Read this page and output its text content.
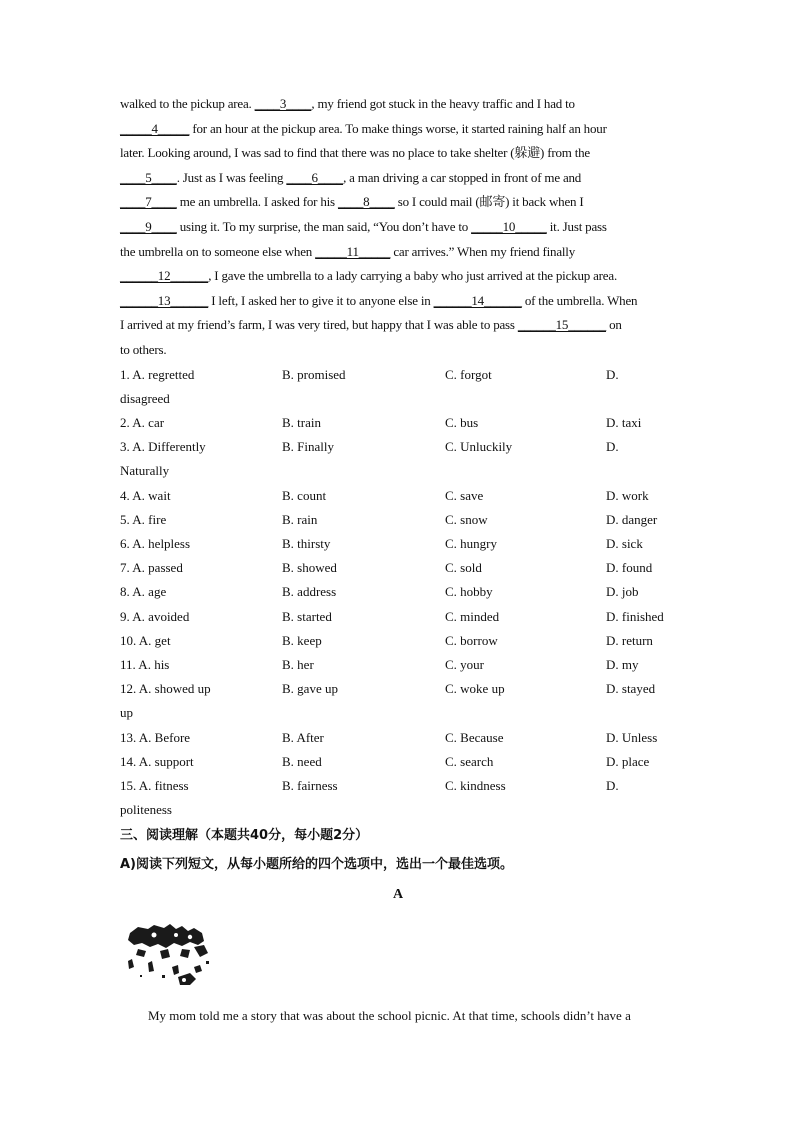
walked to the pickup area. ____3____, my friend got stuck in the heavy traffic and I had to

_____4_____ for an hour at the pickup area. To make things worse, it started raining half an hour

later. Looking around, I was sad to find that there was no place to take shelter (躲避) from the

____5____. Just as I was feeling ____6____, a man driving a car stopped in front of me and

____7____ me an umbrella. I asked for his ____8____ so I could mail (邮寄) it back when I

____9____ using it. To my surprise, the man said, “You don’t have to _____10_____ it. Just pass

the umbrella on to someone else when _____11_____ car arrives.” When my friend finally

______12______, I gave the umbrella to a lady carrying a baby who just arrived at the pickup area.

______13______ I left, I asked her to give it to anyone else in ______14______ of the umbrella. When

I arrived at my friend’s farm, I was very tired, but happy that I was able to pass ______15______ on

to others.

1. A. regretted	B. promised	C. forgot	D.
disagreed
2. A. car	B. train	C. bus	D. taxi
3. A. Differently	B. Finally	C. Unluckily	D.
Naturally
4. A. wait	B. count	C. save	D. work
5. A. fire	B. rain	C. snow	D. danger
6. A. helpless	B. thirsty	C. hungry	D. sick
7. A. passed	B. showed	C. sold	D. found
8. A. age	B. address	C. hobby	D. job
9. A. avoided	B. started	C. minded	D. finished
10. A. get	B. keep	C. borrow	D. return
11. A. his	B. her	C. your	D. my
12. A. showed up	B. gave up	C. woke up	D. stayed
up
13. A. Before	B. After	C. Because	D. Unless
14. A. support	B. need	C. search	D. place
15. A. fitness	B. fairness	C. kindness	D.
politeness
三、阅读理解（本题共40分，每小题2分）
A)阅读下列短文，从每小题所给的四个选项中，选出一个最佳选项。
A
My mom told me a story that was about the school picnic. At that time, schools didn’t have a
